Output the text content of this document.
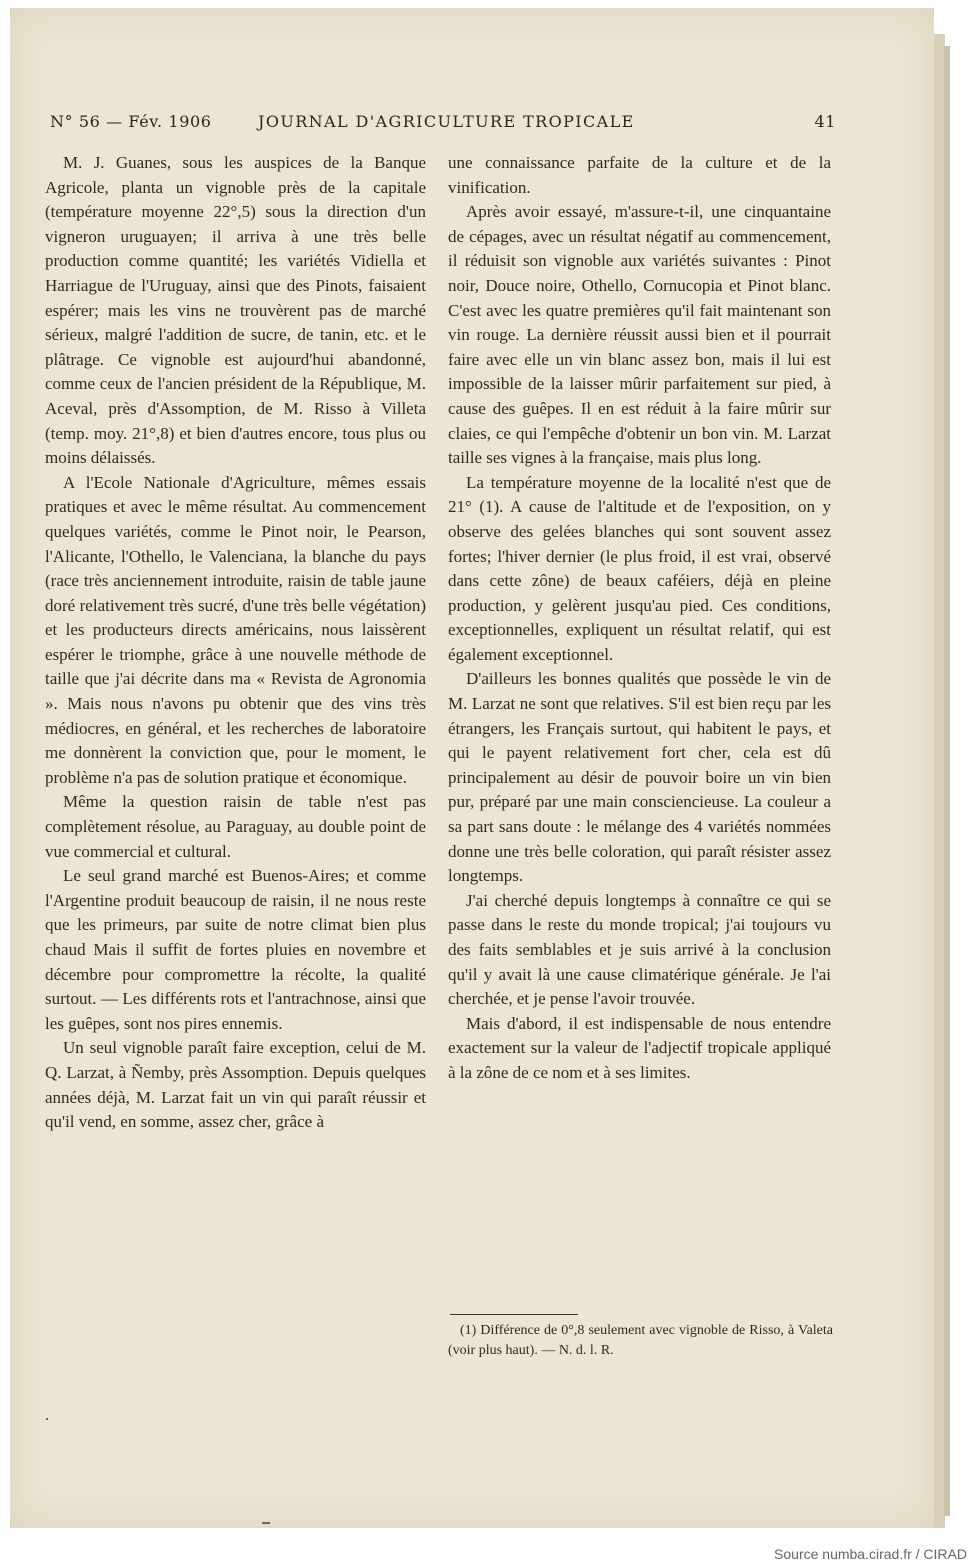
N° 56 — Fév. 1906	JOURNAL D'AGRICULTURE TROPICALE	41

M. J. Guanes, sous les auspices de la Banque Agricole, planta un vignoble près de la capitale (température moyenne 22°,5) sous la direction d'un vigneron uruguayen; il arriva à une très belle production comme quantité; les variétés Vidiella et Harriague de l'Uruguay, ainsi que des Pinots, faisaient espérer; mais les vins ne trouvèrent pas de marché sérieux, malgré l'addition de sucre, de tanin, etc. et le plâtrage. Ce vignoble est aujourd'hui abandonné, comme ceux de l'ancien président de la République, M. Aceval, près d'Assomption, de M. Risso à Villeta (temp. moy. 21°,8) et bien d'autres encore, tous plus ou moins délaissés.

A l'Ecole Nationale d'Agriculture, mêmes essais pratiques et avec le même résultat. Au commencement quelques variétés, comme le Pinot noir, le Pearson, l'Alicante, l'Othello, le Valenciana, la blanche du pays (race très anciennement introduite, raisin de table jaune doré relativement très sucré, d'une très belle végétation) et les producteurs directs américains, nous laissèrent espérer le triomphe, grâce à une nouvelle méthode de taille que j'ai décrite dans ma « Revista de Agronomia ». Mais nous n'avons pu obtenir que des vins très médiocres, en général, et les recherches de laboratoire me donnèrent la conviction que, pour le moment, le problème n'a pas de solution pratique et économique.

Même la question raisin de table n'est pas complètement résolue, au Paraguay, au double point de vue commercial et cultural.

Le seul grand marché est Buenos-Aires; et comme l'Argentine produit beaucoup de raisin, il ne nous reste que les primeurs, par suite de notre climat bien plus chaud Mais il suffit de fortes pluies en novembre et décembre pour compromettre la récolte, la qualité surtout. — Les différents rots et l'antrachnose, ainsi que les guêpes, sont nos pires ennemis.

Un seul vignoble paraît faire exception, celui de M. Q. Larzat, à Ñemby, près Assomption. Depuis quelques années déjà, M. Larzat fait un vin qui paraît réussir et qu'il vend, en somme, assez cher, grâce à

une connaissance parfaite de la culture et de la vinification.

Après avoir essayé, m'assure-t-il, une cinquantaine de cépages, avec un résultat négatif au commencement, il réduisit son vignoble aux variétés suivantes : Pinot noir, Douce noire, Othello, Cornucopia et Pinot blanc. C'est avec les quatre premières qu'il fait maintenant son vin rouge. La dernière réussit aussi bien et il pourrait faire avec elle un vin blanc assez bon, mais il lui est impossible de la laisser mûrir parfaitement sur pied, à cause des guêpes. Il en est réduit à la faire mûrir sur claies, ce qui l'empêche d'obtenir un bon vin. M. Larzat taille ses vignes à la française, mais plus long.

La température moyenne de la localité n'est que de 21° (1). A cause de l'altitude et de l'exposition, on y observe des gelées blanches qui sont souvent assez fortes; l'hiver dernier (le plus froid, il est vrai, observé dans cette zône) de beaux caféiers, déjà en pleine production, y gelèrent jusqu'au pied. Ces conditions, exceptionnelles, expliquent un résultat relatif, qui est également exceptionnel.

D'ailleurs les bonnes qualités que possède le vin de M. Larzat ne sont que relatives. S'il est bien reçu par les étrangers, les Français surtout, qui habitent le pays, et qui le payent relativement fort cher, cela est dû principalement au désir de pouvoir boire un vin bien pur, préparé par une main consciencieuse. La couleur a sa part sans doute : le mélange des 4 variétés nommées donne une très belle coloration, qui paraît résister assez longtemps.

J'ai cherché depuis longtemps à connaître ce qui se passe dans le reste du monde tropical; j'ai toujours vu des faits semblables et je suis arrivé à la conclusion qu'il y avait là une cause climatérique générale. Je l'ai cherchée, et je pense l'avoir trouvée.

Mais d'abord, il est indispensable de nous entendre exactement sur la valeur de l'adjectif tropicale appliqué à la zône de ce nom et à ses limites.

(1) Différence de 0°,8 seulement avec vignoble de Risso, à Valeta (voir plus haut). — N. d. l. R.
Source numba.cirad.fr / CIRAD
